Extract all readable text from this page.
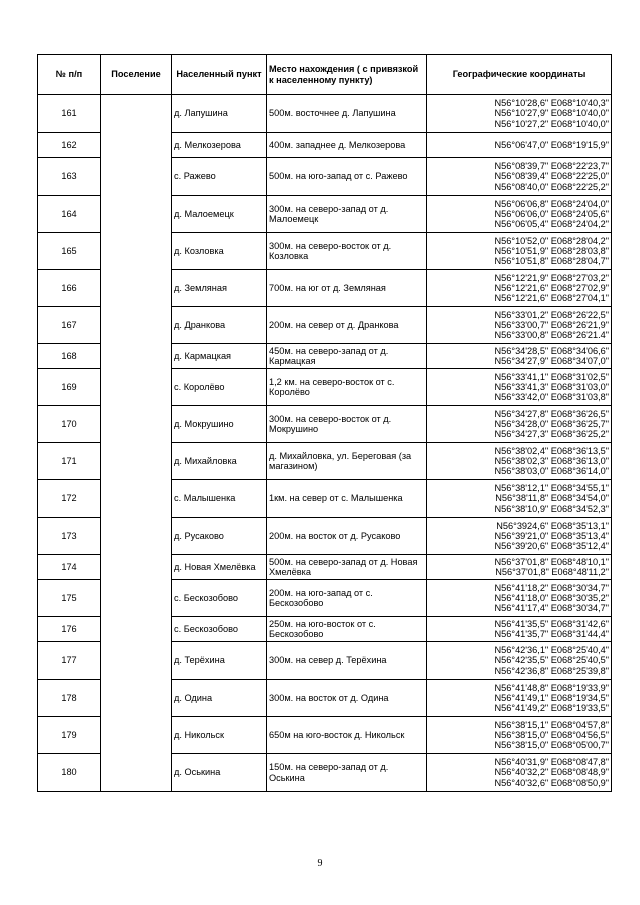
№ п/п	Поселение	Населенный пункт	Место нахождения ( с привязкой к населенному пункту)	Географические координаты
161		д. Лапушина	500м. восточнее д. Лапушина	N56°10'28,6" E068°10'40,3"
N56°10'27,9" E068°10'40,0"
N56°10'27,2" E068°10'40,0"

162		д. Мелкозерова	400м. западнее д. Мелкозерова	N56°06'47,0" E068°19'15,9"

163		с. Ражево	500м. на юго-запад от с. Ражево	N56°08'39,7" E068°22'23,7"
N56°08'39,4" E068°22'25,0"
N56°08'40,0" E068°22'25,2"

164		д. Малоемецк	300м. на северо-запад от д. Малоемецк	N56°06'06,8" E068°24'04,0"
N56°06'06,0" E068°24'05,6"
N56°06'05,4" E068°24'04,2"

165		д. Козловка	300м. на северо-восток от д. Козловка	N56°10'52,0" E068°28'04,2"
N56°10'51,9" E068°28'03,8"
N56°10'51,8" E068°28'04,7"

166		д. Земляная	700м. на юг от д. Земляная	N56°12'21,9" E068°27'03,2"
N56°12'21,6" E068°27'02,9"
N56°12'21,6" E068°27'04,1"

167		д. Дранкова	200м. на север от д. Дранкова	N56°33'01,2" E068°26'22,5"
N56°33'00,7" E068°26'21,9"
N56°33'00,8" E068°26'21.4"

168		д. Кармацкая	450м. на северо-запад от д. Кармацкая	N56°34'28,5" E068°34'06,6"
N56°34'27,9" E068°34'07,0"

169		с. Королёво	1,2 км. на северо-восток от с. Королёво	N56°33'41,1" E068°31'02,5"
N56°33'41,3" E068°31'03,0"
N56°33'42,0" E068°31'03,8"

170		д. Мокрушино	300м. на северо-восток от д. Мокрушино	N56°34'27,8" E068°36'26,5"
N56°34'28,0" E068°36'25,7"
N56°34'27,3" E068°36'25,2"

171		д. Михайловка	д. Михайловка, ул. Береговая (за магазином)	N56°38'02,4" E068°36'13,5"
N56°38'02,3" E068°36'13,0"
N56°38'03,0" E068°36'14,0"

172		с. Малышенка	1км. на север от с. Малышенка	N56°38'12,1" E068°34'55,1"
N56°38'11,8" E068°34'54,0"
N56°38'10,9" E068°34'52,3"

173		д. Русаково	200м. на восток от д. Русаково	N56°3924,6" E068°35'13,1"
N56°39'21,0" E068°35'13,4"
N56°39'20,6" E068°35'12,4"

174		д. Новая Хмелёвка	500м. на северо-запад от д. Новая Хмелёвка	N56°37'01,8" E068°48'10,1"
N56°37'01,8" E068°48'11,2"

175		с. Бескозобово	200м. на юго-запад от с. Бескозобово	N56°41'18,2" E068°30'34,7"
N56°41'18,0" E068°30'35,2"
N56°41'17,4" E068°30'34,7"

176		с. Бескозобово	250м. на юго-восток от с. Бескозобово	N56°41'35,5" E068°31'42,6"
N56°41'35,7" E068°31'44,4"

177		д. Терёхина	300м. на север д. Терёхина	N56°42'36,1" E068°25'40,4"
N56°42'35,5" E068°25'40,5"
N56°42'36,8" E068°25'39,8"

178		д. Одина	300м. на восток от д. Одина	N56°41'48,8" E068°19'33,9"
N56°41'49,1" E068°19'34,5"
N56°41'49,2" E068°19'33,5"

179		д. Никольск	650м на юго-восток д. Никольск	N56°38'15,1" E068°04'57,8"
N56°38'15,0" E068°04'56,5"
N56°38'15,0" E068°05'00,7"

180		д. Оськина	150м. на северо-запад от д. Оськина	N56°40'31,9" E068°08'47,8"
N56°40'32,2" E068°08'48,9"
N56°40'32,6" E068°08'50,9"
9
